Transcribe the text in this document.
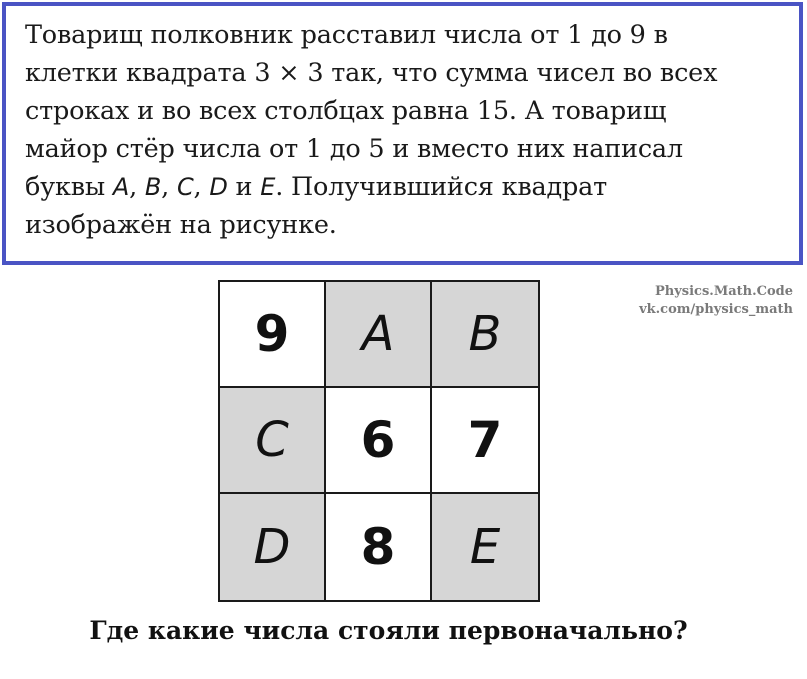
Товарищ полковник расставил числа от 1 до 9 в
клетки квадрата 3 × 3 так, что сумма чисел во всех
строках и во всех столбцах равна 15. А товарищ
майор стёр числа от 1 до 5 и вместо них написал
буквы A, B, C, D и E. Получившийся квадрат
изображён на рисунке.

Physics.Math.Code
vk.com/physics_math
9	A	B
C	6	7
D	8	E
Где какие числа стояли первоначально?
